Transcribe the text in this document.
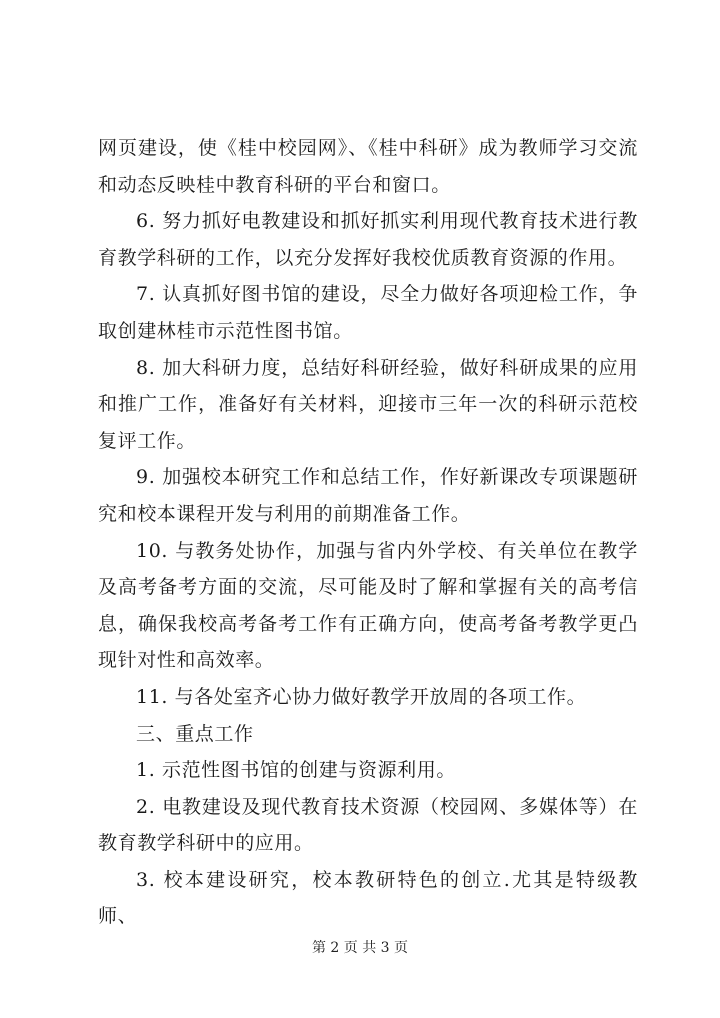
网页建设，使《桂中校园网》、《桂中科研》成为教师学习交流和动态反映桂中教育科研的平台和窗口。

6. 努力抓好电教建设和抓好抓实利用现代教育技术进行教育教学科研的工作，以充分发挥好我校优质教育资源的作用。

7. 认真抓好图书馆的建设，尽全力做好各项迎检工作，争取创建林桂市示范性图书馆。

8. 加大科研力度，总结好科研经验，做好科研成果的应用和推广工作，准备好有关材料，迎接市三年一次的科研示范校复评工作。

9. 加强校本研究工作和总结工作，作好新课改专项课题研究和校本课程开发与利用的前期准备工作。

10. 与教务处协作，加强与省内外学校、有关单位在教学及高考备考方面的交流，尽可能及时了解和掌握有关的高考信息，确保我校高考备考工作有正确方向，使高考备考教学更凸现针对性和高效率。

11. 与各处室齐心协力做好教学开放周的各项工作。

三、重点工作

1. 示范性图书馆的创建与资源利用。

2. 电教建设及现代教育技术资源（校园网、多媒体等）在教育教学科研中的应用。

3. 校本建设研究，校本教研特色的创立.尤其是特级教师、

第 2 页 共 3 页
